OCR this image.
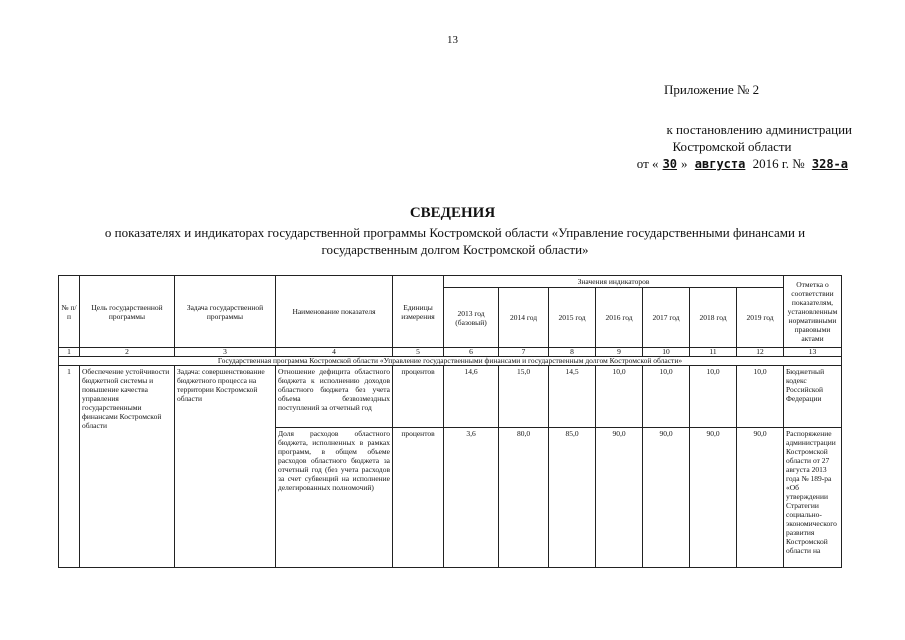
13
Приложение № 2
к постановлению администрации
Костромской области
от « 30 » августа 2016 г. № 328-а
СВЕДЕНИЯ
о показателях и индикаторах государственной программы Костромской области «Управление государственными финансами и государственным долгом Костромской области»
№ п/п	Цель государственной программы	Задача государственной программы	Наименование показателя	Единицы измерения	Значения индикаторов							Отметка о соответствии показателям, установленным нормативными правовыми актами
					2013 год (базовый)	2014 год	2015 год	2016 год	2017 год	2018 год	2019 год	
1	2	3	4	5	6	7	8	9	10	11	12	13
Государственная программа Костромской области «Управление государственными финансами и государственным долгом Костромской области»												
1	Обеспечение устойчивости бюджетной системы и повышение качества управления государственными финансами Костромской области	Задача: совершенствование бюджетного процесса на территории Костромской области	Отношение дефицита областного бюджета к исполнению доходов областного бюджета без учета объема безвозмездных поступлений за отчетный год	процентов	14,6	15,0	14,5	10,0	10,0	10,0	10,0	Бюджетный кодекс Российской Федерации
			Доля расходов областного бюджета, исполненных в рамках программ, в общем объеме расходов областного бюджета за отчетный год (без учета расходов за счет субвенций на исполнение делегированных полномочий)	процентов	3,6	80,0	85,0	90,0	90,0	90,0	90,0	Распоряжение администрации Костромской области от 27 августа 2013 года № 189-ра «Об утверждении Стратегии социально-экономического развития Костромской области на
